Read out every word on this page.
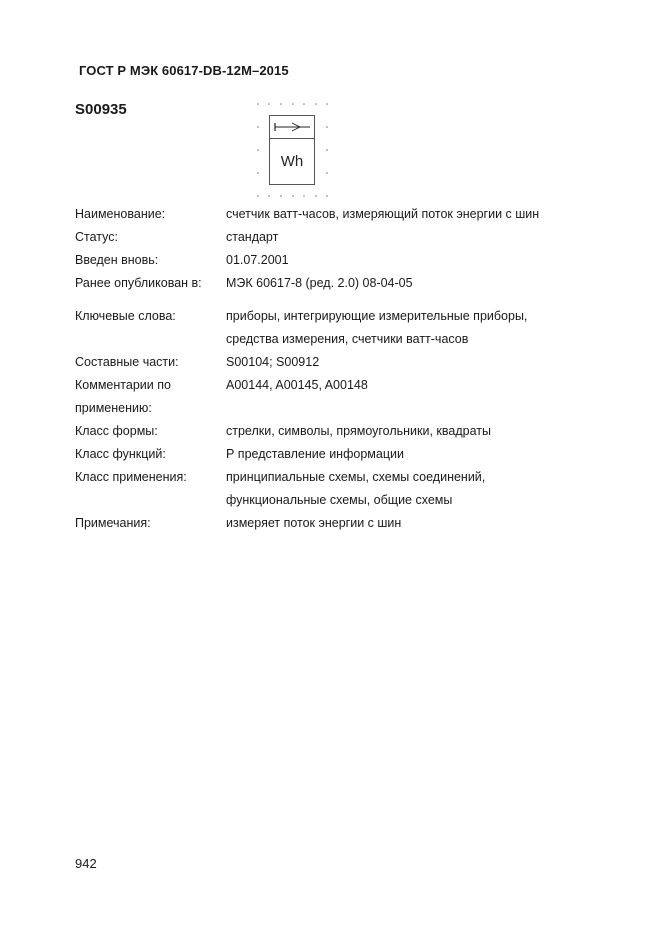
ГОСТ Р МЭК 60617-DB-12M–2015
S00935
Wh
Наименование:	счетчик ватт-часов, измеряющий поток энергии с шин
Статус:	стандарт
Введен вновь:	01.07.2001
Ранее опубликован в:	МЭК 60617-8 (ред. 2.0) 08-04-05
Ключевые слова:	приборы, интегрирующие измерительные приборы,
средства измерения, счетчики ватт-часов
Составные части:	S00104; S00912
Комментарии по
применению:
A00144, A00145, A00148
Класс формы:	стрелки, символы, прямоугольники, квадраты
Класс функций:	Р представление информации
Класс применения:	принципиальные схемы, схемы соединений,
функциональные схемы, общие схемы
Примечания:	измеряет поток энергии с шин
942
